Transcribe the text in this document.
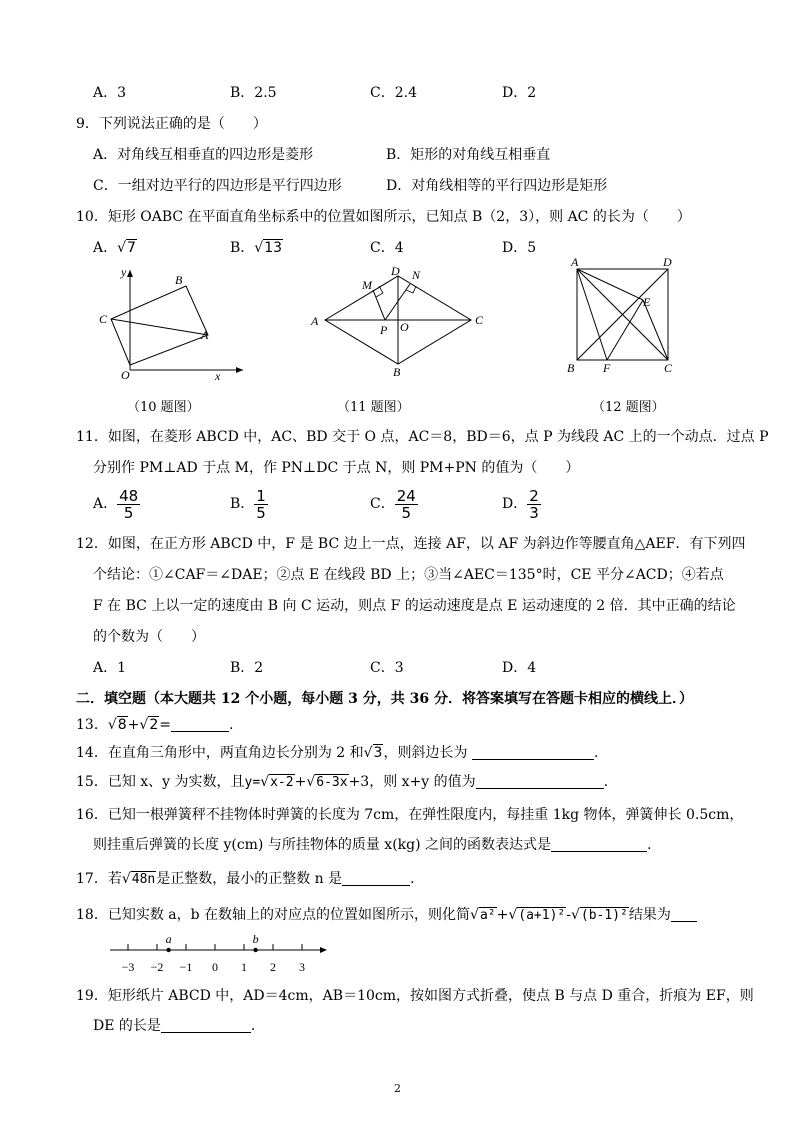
A．3	B．2.5	C．2.4	D．2
9．下列说法正确的是（　　）
A．对角线互相垂直的四边形是菱形	B．矩形的对角线互相垂直
C．一组对边平行的四边形是平行四边形	D．对角线相等的平行四边形是矩形
10．矩形 OABC 在平面直角坐标系中的位置如图所示，已知点 B（2，3），则 AC 的长为（　　）
A．√7	B．√13	C．4	D．5
y
x
B
C
A
O
（10 题图）
D N
M
A	C
P O
B
（11 题图）
A	D
E
B F	C
（12 题图）
11．如图，在菱形 ABCD 中，AC、BD 交于 O 点，AC＝8，BD＝6，点 P 为线段 AC 上的一个动点．过点 P
分别作 PM⊥AD 于点 M，作 PN⊥DC 于点 N，则 PM+PN 的值为（　　）
A． $\frac{48}{5}$	B． $\frac{1}{5}$	C． $\frac{24}{5}$	D． $\frac{2}{3}$
12．如图，在正方形 ABCD 中，F 是 BC 边上一点，连接 AF，以 AF 为斜边作等腰直角△AEF．有下列四
个结论：①∠CAF＝∠DAE；②点 E 在线段 BD 上；③当∠AEC＝135°时，CE 平分∠ACD；④若点
F 在 BC 上以一定的速度由 B 向 C 运动，则点 F 的运动速度是点 E 运动速度的 2 倍．其中正确的结论
的个数为（　　）
A．1	B．2	C．3	D．4
二．填空题（本大题共 12 个小题，每小题 3 分，共 36 分．将答案填写在答题卡相应的横线上．）
13．√8+√2=	.
14．在直角三角形中，两直角边长分别为 2 和√3，则斜边长为	.
15．已知 x、y 为实数，且y=√x-2+√6-3x+3，则 x+y 的值为	.
16．已知一根弹簧秤不挂物体时弹簧的长度为 7cm，在弹性限度内，每挂重 1kg 物体，弹簧伸长 0.5cm，
则挂重后弹簧的长度 y(cm) 与所挂物体的质量 x(kg) 之间的函数表达式是	.
17．若√48n是正整数，最小的正整数 n 是	.
18．已知实数 a，b 在数轴上的对应点的位置如图所示，则化简√a²+√(a+1)²-√(b-1)²结果为
−3 −2 −1 0 1 2 3
a	b
19．矩形纸片 ABCD 中，AD＝4cm，AB＝10cm，按如图方式折叠，使点 B 与点 D 重合，折痕为 EF，则
DE 的长是	.
2
